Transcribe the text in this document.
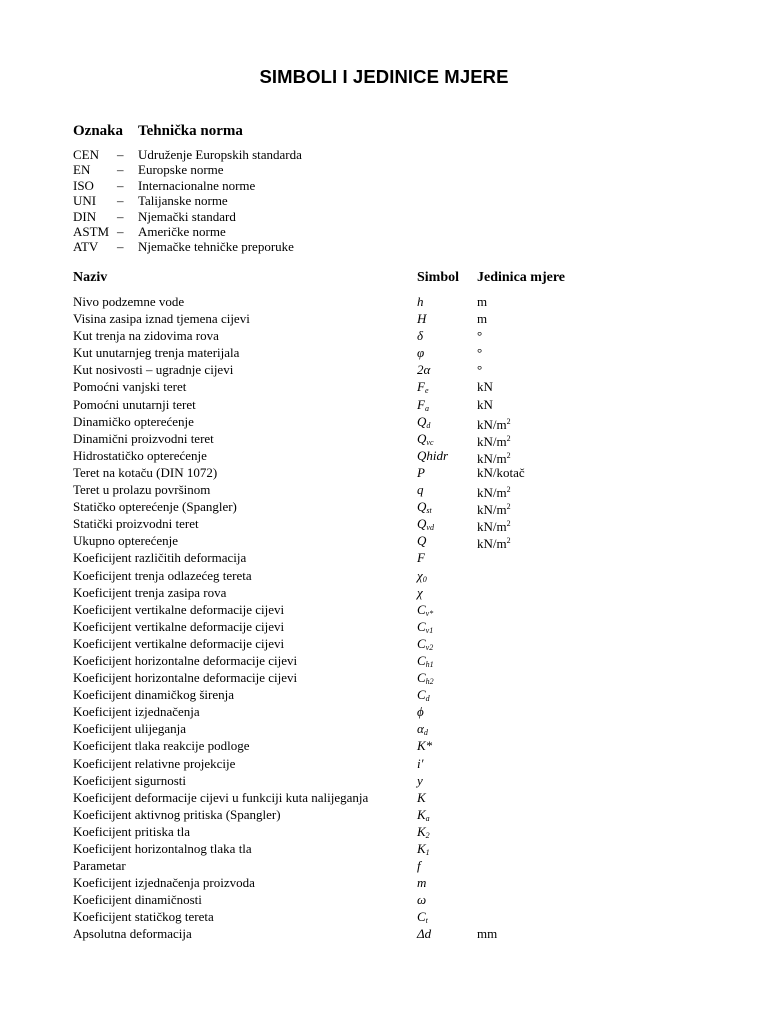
SIMBOLI I JEDINICE MJERE
Oznaka Tehnička norma
CEN – Udruženje Europskih standarda
EN – Europske norme
ISO – Internacionalne norme
UNI – Talijanske norme
DIN – Njemački standard
ASTM – Američke norme
ATV – Njemačke tehničke preporuke
Naziv	Simbol Jedinica mjere
Nivo podzemne vode	h	m
Visina zasipa iznad tjemena cijevi	H	m
Kut trenja na zidovima rova	δ	°
Kut unutarnjeg trenja materijala	φ	°
Kut nosivosti – ugradnje cijevi	2α	°
Pomoćni vanjski teret	$F_e$	kN
Pomoćni unutarnji teret	$F_a$	kN
Dinamičko opterećenje	$Q_d$	$kN/m^2$
Dinamični proizvodni teret	$Q_{vc}$	$kN/m^2$
Hidrostatičko opterećenje	Qhidr $kN/m^2$
Teret na kotaču (DIN 1072)	P	kN/kotač
Teret u prolazu površinom	q	$kN/m^2$
Statičko opterećenje (Spangler)	$Q_{st}$	$kN/m^2$
Statički proizvodni teret	$Q_{vd}$	$kN/m^2$
Ukupno opterećenje	Q	$kN/m^2$
Koeficijent različitih deformacija	F
Koeficijent trenja odlazećeg tereta	$\chi_0$
Koeficijent trenja zasipa rova	χ
Koeficijent vertikalne deformacije cijevi	$C_{v*}$
Koeficijent vertikalne deformacije cijevi	$C_{v1}$
Koeficijent vertikalne deformacije cijevi	$C_{v2}$
Koeficijent horizontalne deformacije cijevi	$C_{h1}$
Koeficijent horizontalne deformacije cijevi	$C_{h2}$
Koeficijent dinamičkog širenja	$C_d$
Koeficijent izjednačenja	ϕ
Koeficijent ulijeganja	$\alpha_d$
Koeficijent tlaka reakcije podloge	K*
Koeficijent relativne projekcije	i′
Koeficijent sigurnosti	y
Koeficijent deformacije cijevi u funkciji kuta nalijeganja	K
Koeficijent aktivnog pritiska (Spangler)	$K_a$
Koeficijent pritiska tla	$K_2$
Koeficijent horizontalnog tlaka tla	$K_1$
Parametar	f
Koeficijent izjednačenja proizvoda	m
Koeficijent dinamičnosti	ω
Koeficijent statičkog tereta	$C_t$
Apsolutna deformacija	Δd	mm
